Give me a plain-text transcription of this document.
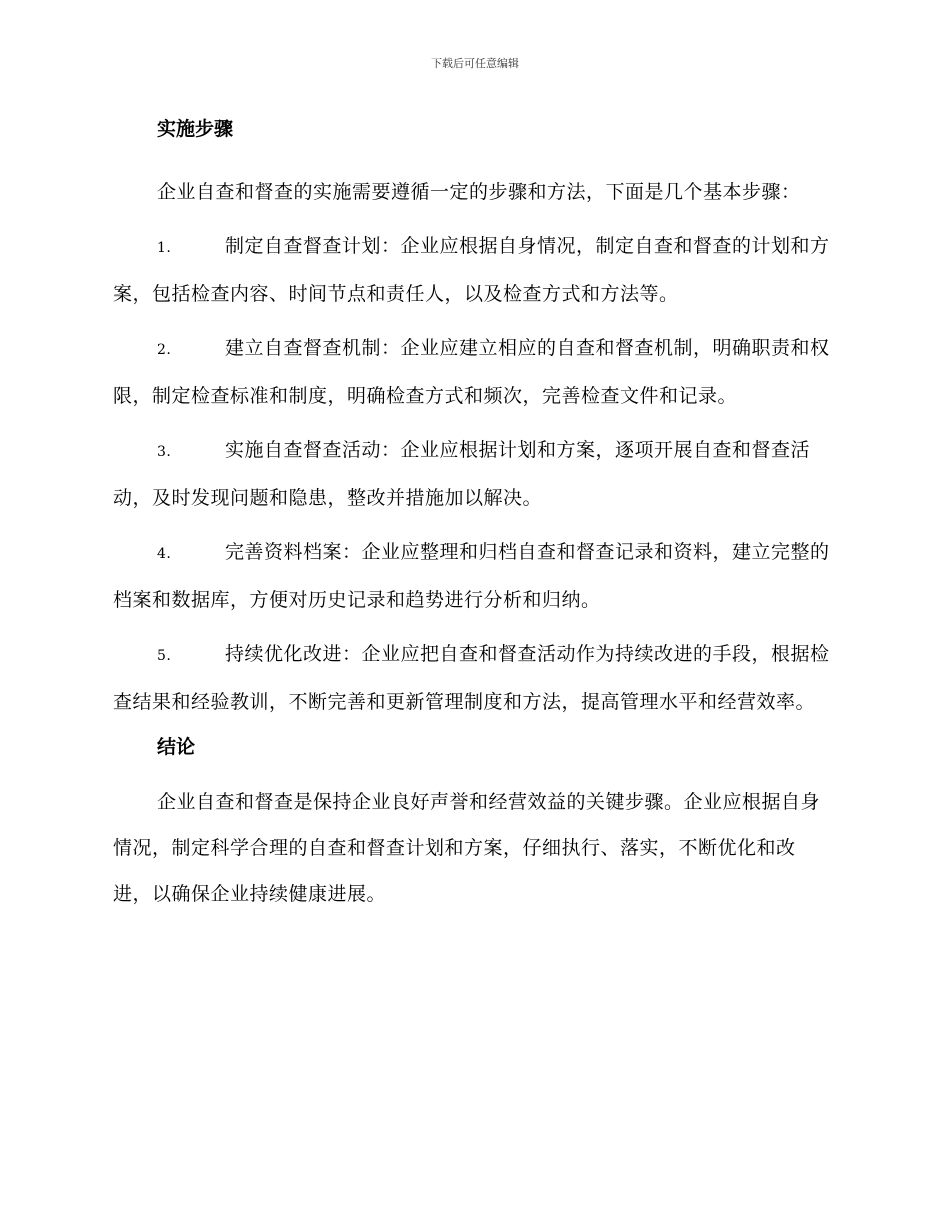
下载后可任意编辑
实施步骤

企业自查和督查的实施需要遵循一定的步骤和方法，下面是几个基本步骤：

1.	制定自查督查计划：企业应根据自身情况，制定自查和督查的计划和方案，包括检查内容、时间节点和责任人，以及检查方式和方法等。
2.	建立自查督查机制：企业应建立相应的自查和督查机制，明确职责和权限，制定检查标准和制度，明确检查方式和频次，完善检查文件和记录。
3.	实施自查督查活动：企业应根据计划和方案，逐项开展自查和督查活动，及时发现问题和隐患，整改并措施加以解决。
4.	完善资料档案：企业应整理和归档自查和督查记录和资料，建立完整的档案和数据库，方便对历史记录和趋势进行分析和归纳。
5.	持续优化改进：企业应把自查和督查活动作为持续改进的手段，根据检查结果和经验教训，不断完善和更新管理制度和方法，提高管理水平和经营效率。
结论

企业自查和督查是保持企业良好声誉和经营效益的关键步骤。企业应根据自身情况，制定科学合理的自查和督查计划和方案，仔细执行、落实，不断优化和改进，以确保企业持续健康进展。
